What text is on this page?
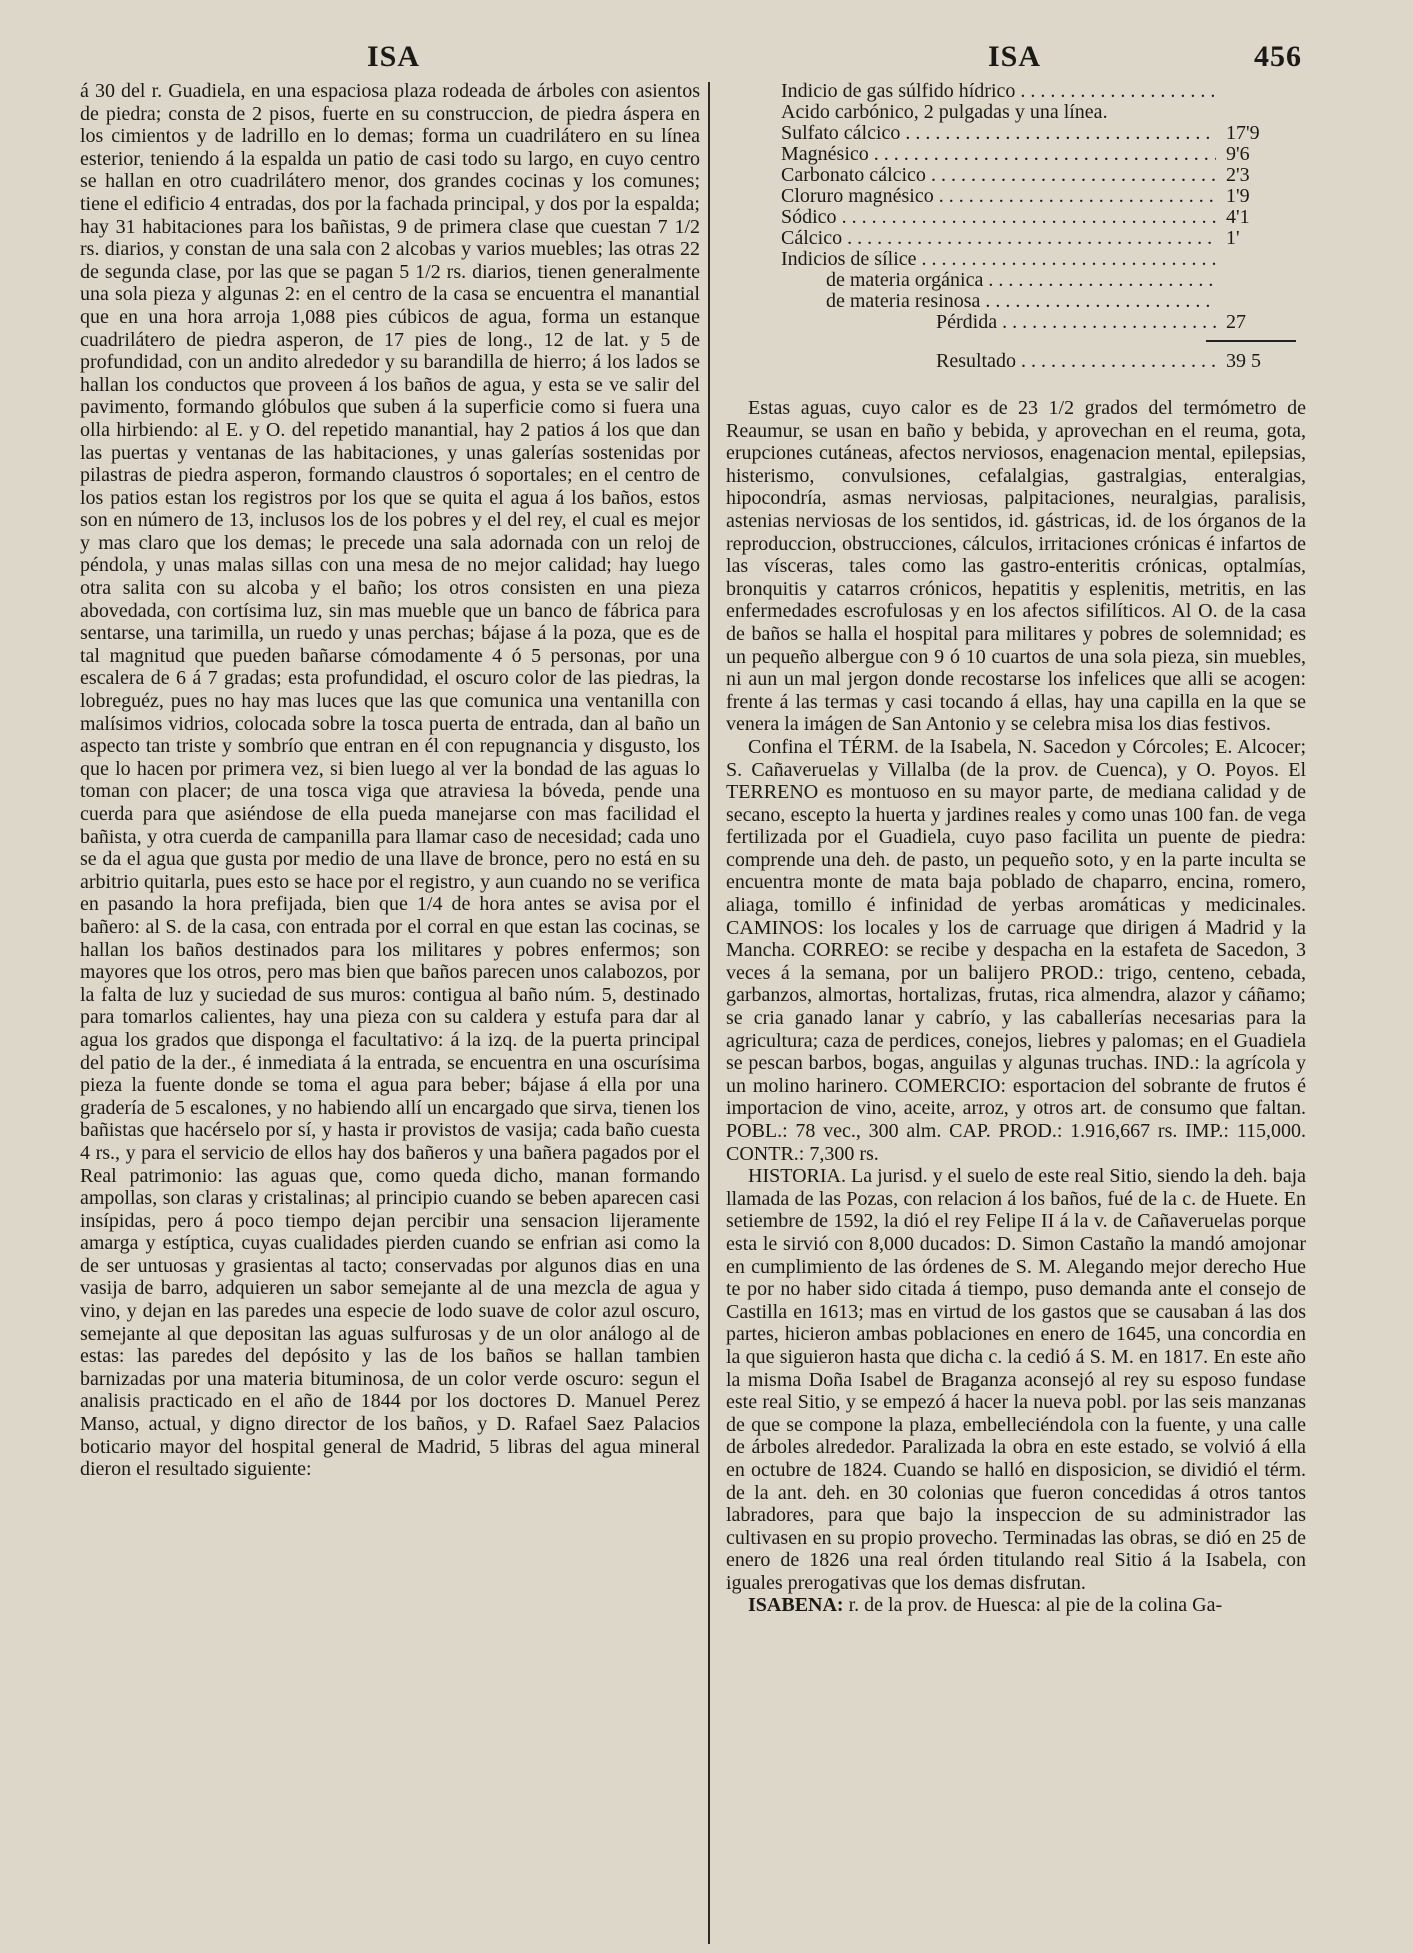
ISA	ISA	456

á 30 del r. Guadiela, en una espaciosa plaza rodeada de árboles con asientos de piedra; consta de 2 pisos, fuerte en su construccion, de piedra áspera en los cimientos y de ladrillo en lo demas; forma un cuadrilátero en su línea esterior, teniendo á la espalda un patio de casi todo su largo, en cuyo centro se hallan en otro cuadrilátero menor, dos grandes cocinas y los comunes; tiene el edificio 4 entradas, dos por la fachada principal, y dos por la espalda; hay 31 habitaciones para los bañistas, 9 de primera clase que cuestan 7 1/2 rs. diarios, y constan de una sala con 2 alcobas y varios muebles; las otras 22 de segunda clase, por las que se pagan 5 1/2 rs. diarios, tienen generalmente una sola pieza y algunas 2: en el centro de la casa se encuentra el manantial que en una hora arroja 1,088 pies cúbicos de agua, forma un estanque cuadrilátero de piedra asperon, de 17 pies de long., 12 de lat. y 5 de profundidad, con un andito alrededor y su barandilla de hierro; á los lados se hallan los conductos que proveen á los baños de agua, y esta se ve salir del pavimento, formando glóbulos que suben á la superficie como si fuera una olla hirbiendo: al E. y O. del repetido manantial, hay 2 patios á los que dan las puertas y ventanas de las habitaciones, y unas galerías sostenidas por pilastras de piedra asperon, formando claustros ó soportales; en el centro de los patios estan los registros por los que se quita el agua á los baños, estos son en número de 13, inclusos los de los pobres y el del rey, el cual es mejor y mas claro que los demas; le precede una sala adornada con un reloj de péndola, y unas malas sillas con una mesa de no mejor calidad; hay luego otra salita con su alcoba y el baño; los otros consisten en una pieza abovedada, con cortísima luz, sin mas mueble que un banco de fábrica para sentarse, una tarimilla, un ruedo y unas perchas; bájase á la poza, que es de tal magnitud que pueden bañarse cómodamente 4 ó 5 personas, por una escalera de 6 á 7 gradas; esta profundidad, el oscuro color de las piedras, la lobreguéz, pues no hay mas luces que las que comunica una ventanilla con malísimos vidrios, colocada sobre la tosca puerta de entrada, dan al baño un aspecto tan triste y sombrío que entran en él con repugnancia y disgusto, los que lo hacen por primera vez, si bien luego al ver la bondad de las aguas lo toman con placer; de una tosca viga que atraviesa la bóveda, pende una cuerda para que asiéndose de ella pueda manejarse con mas facilidad el bañista, y otra cuerda de campanilla para llamar caso de necesidad; cada uno se da el agua que gusta por medio de una llave de bronce, pero no está en su arbitrio quitarla, pues esto se hace por el registro, y aun cuando no se verifica en pasando la hora prefijada, bien que 1/4 de hora antes se avisa por el bañero: al S. de la casa, con entrada por el corral en que estan las cocinas, se hallan los baños destinados para los militares y pobres enfermos; son mayores que los otros, pero mas bien que baños parecen unos calabozos, por la falta de luz y suciedad de sus muros: contigua al baño núm. 5, destinado para tomarlos calientes, hay una pieza con su caldera y estufa para dar al agua los grados que disponga el facultativo: á la izq. de la puerta principal del patio de la der., é inmediata á la entrada, se encuentra en una oscurísima pieza la fuente donde se toma el agua para beber; bájase á ella por una gradería de 5 escalones, y no habiendo allí un encargado que sirva, tienen los bañistas que hacérselo por sí, y hasta ir provistos de vasija; cada baño cuesta 4 rs., y para el servicio de ellos hay dos bañeros y una bañera pagados por el Real patrimonio: las aguas que, como queda dicho, manan formando ampollas, son claras y cristalinas; al principio cuando se beben aparecen casi insípidas, pero á poco tiempo dejan percibir una sensacion lijeramente amarga y estíptica, cuyas cualidades pierden cuando se enfrian asi como la de ser untuosas y grasientas al tacto; conservadas por algunos dias en una vasija de barro, adquieren un sabor semejante al de una mezcla de agua y vino, y dejan en las paredes una especie de lodo suave de color azul oscuro, semejante al que depositan las aguas sulfurosas y de un olor análogo al de estas: las paredes del depósito y las de los baños se hallan tambien barnizadas por una materia bituminosa, de un color verde oscuro: segun el analisis practicado en el año de 1844 por los doctores D. Manuel Perez Manso, actual, y digno director de los baños, y D. Rafael Saez Palacios boticario mayor del hospital general de Madrid, 5 libras del agua mineral dieron el resultado siguiente:

Indicio de gas súlfido hídrico . . .
Acido carbónico, 2 pulgadas y una línea.
Sulfato cálcico . . .	17'9
Magnésico . . .	9'6
Carbonato cálcico . . .	2'3
Cloruro magnésico . . .	1'9
Sódico . . .	4'1
Cálcico . . .	1'
Indicios de sílice . . .
de materia orgánica . . .
de materia resinosa . . .
Pérdida . . .	27
Resultado . . .	39 5

Estas aguas, cuyo calor es de 23 1/2 grados del termómetro de Reaumur, se usan en baño y bebida, y aprovechan en el reuma, gota, erupciones cutáneas, afectos nerviosos, enagenacion mental, epilepsias, histerismo, convulsiones, cefalalgias, gastralgias, enteralgias, hipocondría, asmas nerviosas, palpitaciones, neuralgias, paralisis, astenias nerviosas de los sentidos, id. gástricas, id. de los órganos de la reproduccion, obstrucciones, cálculos, irritaciones crónicas é infartos de las vísceras, tales como las gastro-enteritis crónicas, optalmías, bronquitis y catarros crónicos, hepatitis y esplenitis, metritis, en las enfermedades escrofulosas y en los afectos sifilíticos. Al O. de la casa de baños se halla el hospital para militares y pobres de solemnidad; es un pequeño albergue con 9 ó 10 cuartos de una sola pieza, sin muebles, ni aun un mal jergon donde recostarse los infelices que alli se acogen: frente á las termas y casi tocando á ellas, hay una capilla en la que se venera la imágen de San Antonio y se celebra misa los dias festivos.

Confina el TÉRM. de la Isabela, N. Sacedon y Córcoles; E. Alcocer; S. Cañaveruelas y Villalba (de la prov. de Cuenca), y O. Poyos. El TERRENO es montuoso en su mayor parte, de mediana calidad y de secano, escepto la huerta y jardines reales y como unas 100 fan. de vega fertilizada por el Guadiela, cuyo paso facilita un puente de piedra: comprende una deh. de pasto, un pequeño soto, y en la parte inculta se encuentra monte de mata baja poblado de chaparro, encina, romero, aliaga, tomillo é infinidad de yerbas aromáticas y medicinales. CAMINOS: los locales y los de carruage que dirigen á Madrid y la Mancha. CORREO: se recibe y despacha en la estafeta de Sacedon, 3 veces á la semana, por un balijero PROD.: trigo, centeno, cebada, garbanzos, almortas, hortalizas, frutas, rica almendra, alazor y cáñamo; se cria ganado lanar y cabrío, y las caballerías necesarias para la agricultura; caza de perdices, conejos, liebres y palomas; en el Guadiela se pescan barbos, bogas, anguilas y algunas truchas. IND.: la agrícola y un molino harinero. COMERCIO: esportacion del sobrante de frutos é importacion de vino, aceite, arroz, y otros art. de consumo que faltan. POBL.: 78 vec., 300 alm. CAP. PROD.: 1.916,667 rs. IMP.: 115,000. CONTR.: 7,300 rs.

HISTORIA. La jurisd. y el suelo de este real Sitio, siendo la deh. baja llamada de las Pozas, con relacion á los baños, fué de la c. de Huete. En setiembre de 1592, la dió el rey Felipe II á la v. de Cañaveruelas porque esta le sirvió con 8,000 ducados: D. Simon Castaño la mandó amojonar en cumplimiento de las órdenes de S. M. Alegando mejor derecho Hue te por no haber sido citada á tiempo, puso demanda ante el consejo de Castilla en 1613; mas en virtud de los gastos que se causaban á las dos partes, hicieron ambas poblaciones en enero de 1645, una concordia en la que siguieron hasta que dicha c. la cedió á S. M. en 1817. En este año la misma Doña Isabel de Braganza aconsejó al rey su esposo fundase este real Sitio, y se empezó á hacer la nueva pobl. por las seis manzanas de que se compone la plaza, embelleciéndola con la fuente, y una calle de árboles alrededor. Paralizada la obra en este estado, se volvió á ella en octubre de 1824. Cuando se halló en disposicion, se dividió el térm. de la ant. deh. en 30 colonias que fueron concedidas á otros tantos labradores, para que bajo la inspeccion de su administrador las cultivasen en su propio provecho. Terminadas las obras, se dió en 25 de enero de 1826 una real órden titulando real Sitio á la Isabela, con iguales prerogativas que los demas disfrutan.

ISABENA: r. de la prov. de Huesca: al pie de la colina Ga-
